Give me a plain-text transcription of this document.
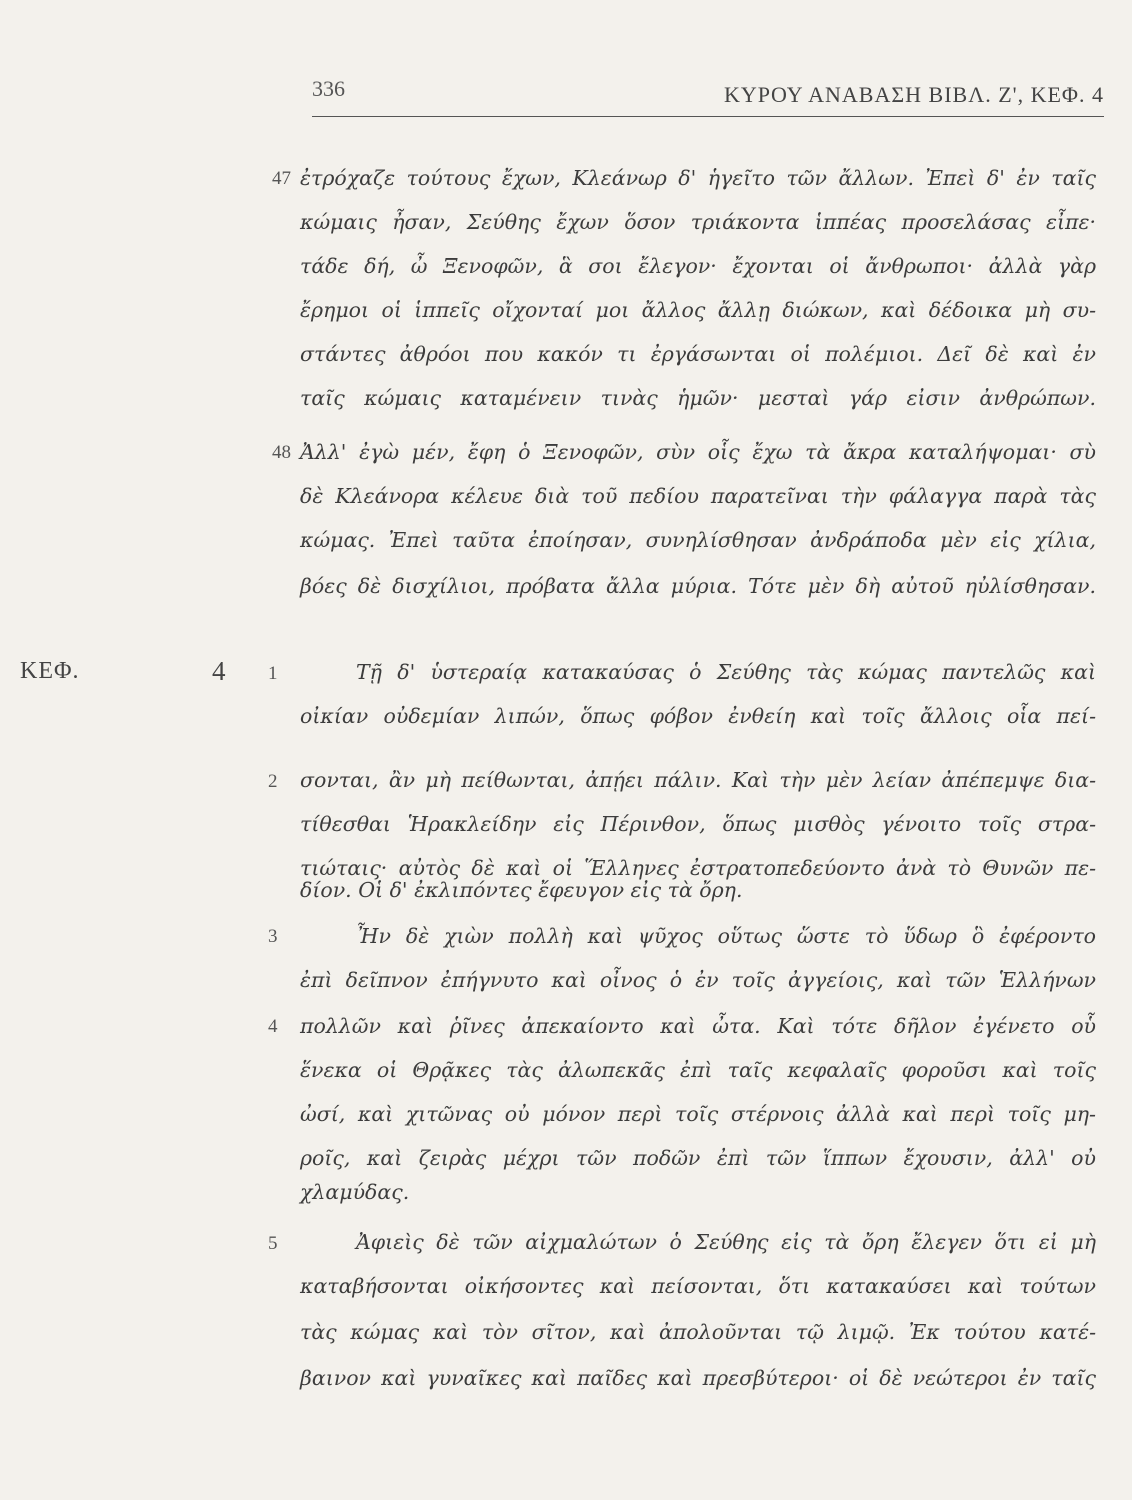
336	ΚΥΡΟΥ ΑΝΑΒΑΣΗ ΒΙΒΛ. Ζ', ΚΕΦ. 4
47
48
1
2
3
4
5
ΚΕΦ.	4
ἐτρόχαζε τούτους ἔχων, Κλεάνωρ δ' ἡγεῖτο τῶν ἄλλων. Ἐπεὶ δ' ἐν ταῖς
κώμαις ἦσαν, Σεύθης ἔχων ὅσον τριάκοντα ἱππέας προσελάσας εἶπε·
τάδε δή, ὦ Ξενοφῶν, ἃ σοι ἔλεγον· ἔχονται οἱ ἄνθρωποι· ἀλλὰ γὰρ
ἔρημοι οἱ ἱππεῖς οἴχονταί μοι ἄλλος ἄλλῃ διώκων, καὶ δέδοικα μὴ συ-
στάντες ἀθρόοι που κακόν τι ἐργάσωνται οἱ πολέμιοι. Δεῖ δὲ καὶ ἐν
ταῖς κώμαις καταμένειν τινὰς ἡμῶν· μεσταὶ γάρ εἰσιν ἀνθρώπων.
Ἀλλ' ἐγὼ μέν, ἔφη ὁ Ξενοφῶν, σὺν οἷς ἔχω τὰ ἄκρα καταλήψομαι· σὺ
δὲ Κλεάνορα κέλευε διὰ τοῦ πεδίου παρατεῖναι τὴν φάλαγγα παρὰ τὰς
κώμας. Ἐπεὶ ταῦτα ἐποίησαν, συνηλίσθησαν ἀνδράποδα μὲν εἰς χίλια,
βόες δὲ δισχίλιοι, πρόβατα ἄλλα μύρια. Τότε μὲν δὴ αὐτοῦ ηὐλίσθησαν.
Τῇ δ' ὑστεραίᾳ κατακαύσας ὁ Σεύθης τὰς κώμας παντελῶς καὶ
οἰκίαν οὐδεμίαν λιπών, ὅπως φόβον ἐνθείη καὶ τοῖς ἄλλοις οἷα πεί-
σονται, ἂν μὴ πείθωνται, ἀπῄει πάλιν. Καὶ τὴν μὲν λείαν ἀπέπεμψε δια-
τίθεσθαι Ἡρακλείδην εἰς Πέρινθον, ὅπως μισθὸς γένοιτο τοῖς στρα-
τιώταις· αὐτὸς δὲ καὶ οἱ Ἕλληνες ἐστρατοπεδεύοντο ἀνὰ τὸ Θυνῶν πε-
δίον. Οἱ δ' ἐκλιπόντες ἔφευγον εἰς τὰ ὄρη.
Ἦν δὲ χιὼν πολλὴ καὶ ψῦχος οὕτως ὥστε τὸ ὕδωρ ὃ ἐφέροντο
ἐπὶ δεῖπνον ἐπήγνυτο καὶ οἶνος ὁ ἐν τοῖς ἀγγείοις, καὶ τῶν Ἑλλήνων
πολλῶν καὶ ῥῖνες ἀπεκαίοντο καὶ ὦτα. Καὶ τότε δῆλον ἐγένετο οὗ
ἕνεκα οἱ Θρᾷκες τὰς ἀλωπεκᾶς ἐπὶ ταῖς κεφαλαῖς φοροῦσι καὶ τοῖς
ὠσί, καὶ χιτῶνας οὐ μόνον περὶ τοῖς στέρνοις ἀλλὰ καὶ περὶ τοῖς μη-
ροῖς, καὶ ζειρὰς μέχρι τῶν ποδῶν ἐπὶ τῶν ἵππων ἔχουσιν, ἀλλ' οὐ
χλαμύδας.
Ἀφιεὶς δὲ τῶν αἰχμαλώτων ὁ Σεύθης εἰς τὰ ὄρη ἔλεγεν ὅτι εἰ μὴ
καταβήσονται οἰκήσοντες καὶ πείσονται, ὅτι κατακαύσει καὶ τούτων
τὰς κώμας καὶ τὸν σῖτον, καὶ ἀπολοῦνται τῷ λιμῷ. Ἐκ τούτου κατέ-
βαινον καὶ γυναῖκες καὶ παῖδες καὶ πρεσβύτεροι· οἱ δὲ νεώτεροι ἐν ταῖς
